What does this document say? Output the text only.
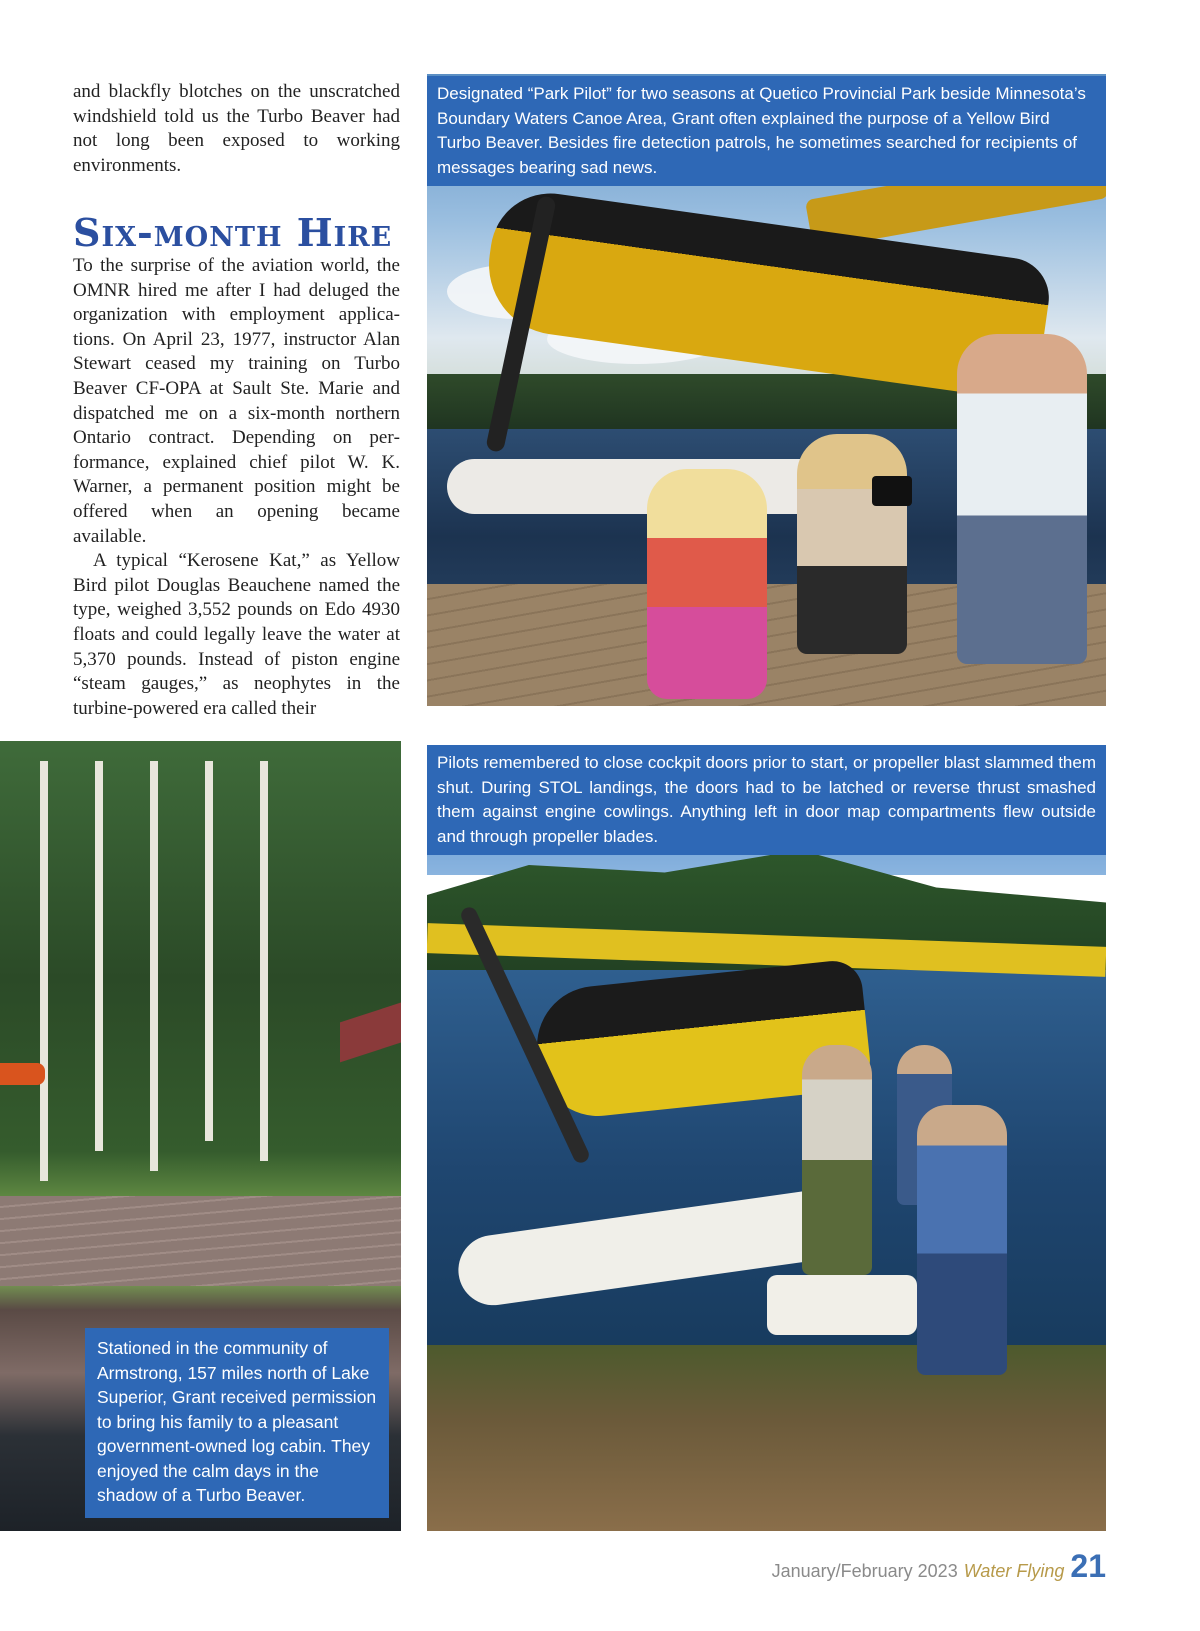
and blackfly blotches on the unscratched windshield told us the Turbo Beaver had not long been exposed to working environments.

Six-month Hire
To the surprise of the aviation world, the OMNR hired me after I had deluged the organization with employment applications. On April 23, 1977, instructor Alan Stewart ceased my training on Turbo Beaver CF-OPA at Sault Ste. Marie and dispatched me on a six-month northern Ontario contract. Depending on performance, explained chief pilot W. K. Warner, a permanent position might be offered when an opening became available.
A typical “Kerosene Kat,” as Yellow Bird pilot Douglas Beauchene named the type, weighed 3,552 pounds on Edo 4930 floats and could legally leave the water at 5,370 pounds. Instead of piston engine “steam gauges,” as neophytes in the turbine-powered era called their
Designated “Park Pilot” for two seasons at Quetico Provincial Park beside Minnesota’s Boundary Waters Canoe Area, Grant often explained the purpose of a Yellow Bird Turbo Beaver. Besides fire detection patrols, he sometimes searched for recipients of messages bearing sad news.
Stationed in the community of Armstrong, 157 miles north of Lake Superior, Grant received permission to bring his family to a pleasant government-owned log cabin. They enjoyed the calm days in the shadow of a Turbo Beaver.
Pilots remembered to close cockpit doors prior to start, or propeller blast slammed them shut. During STOL landings, the doors had to be latched or reverse thrust smashed them against engine cowlings. Anything left in door map compartments flew outside and through propeller blades.
January/February 2023 Water Flying 21
